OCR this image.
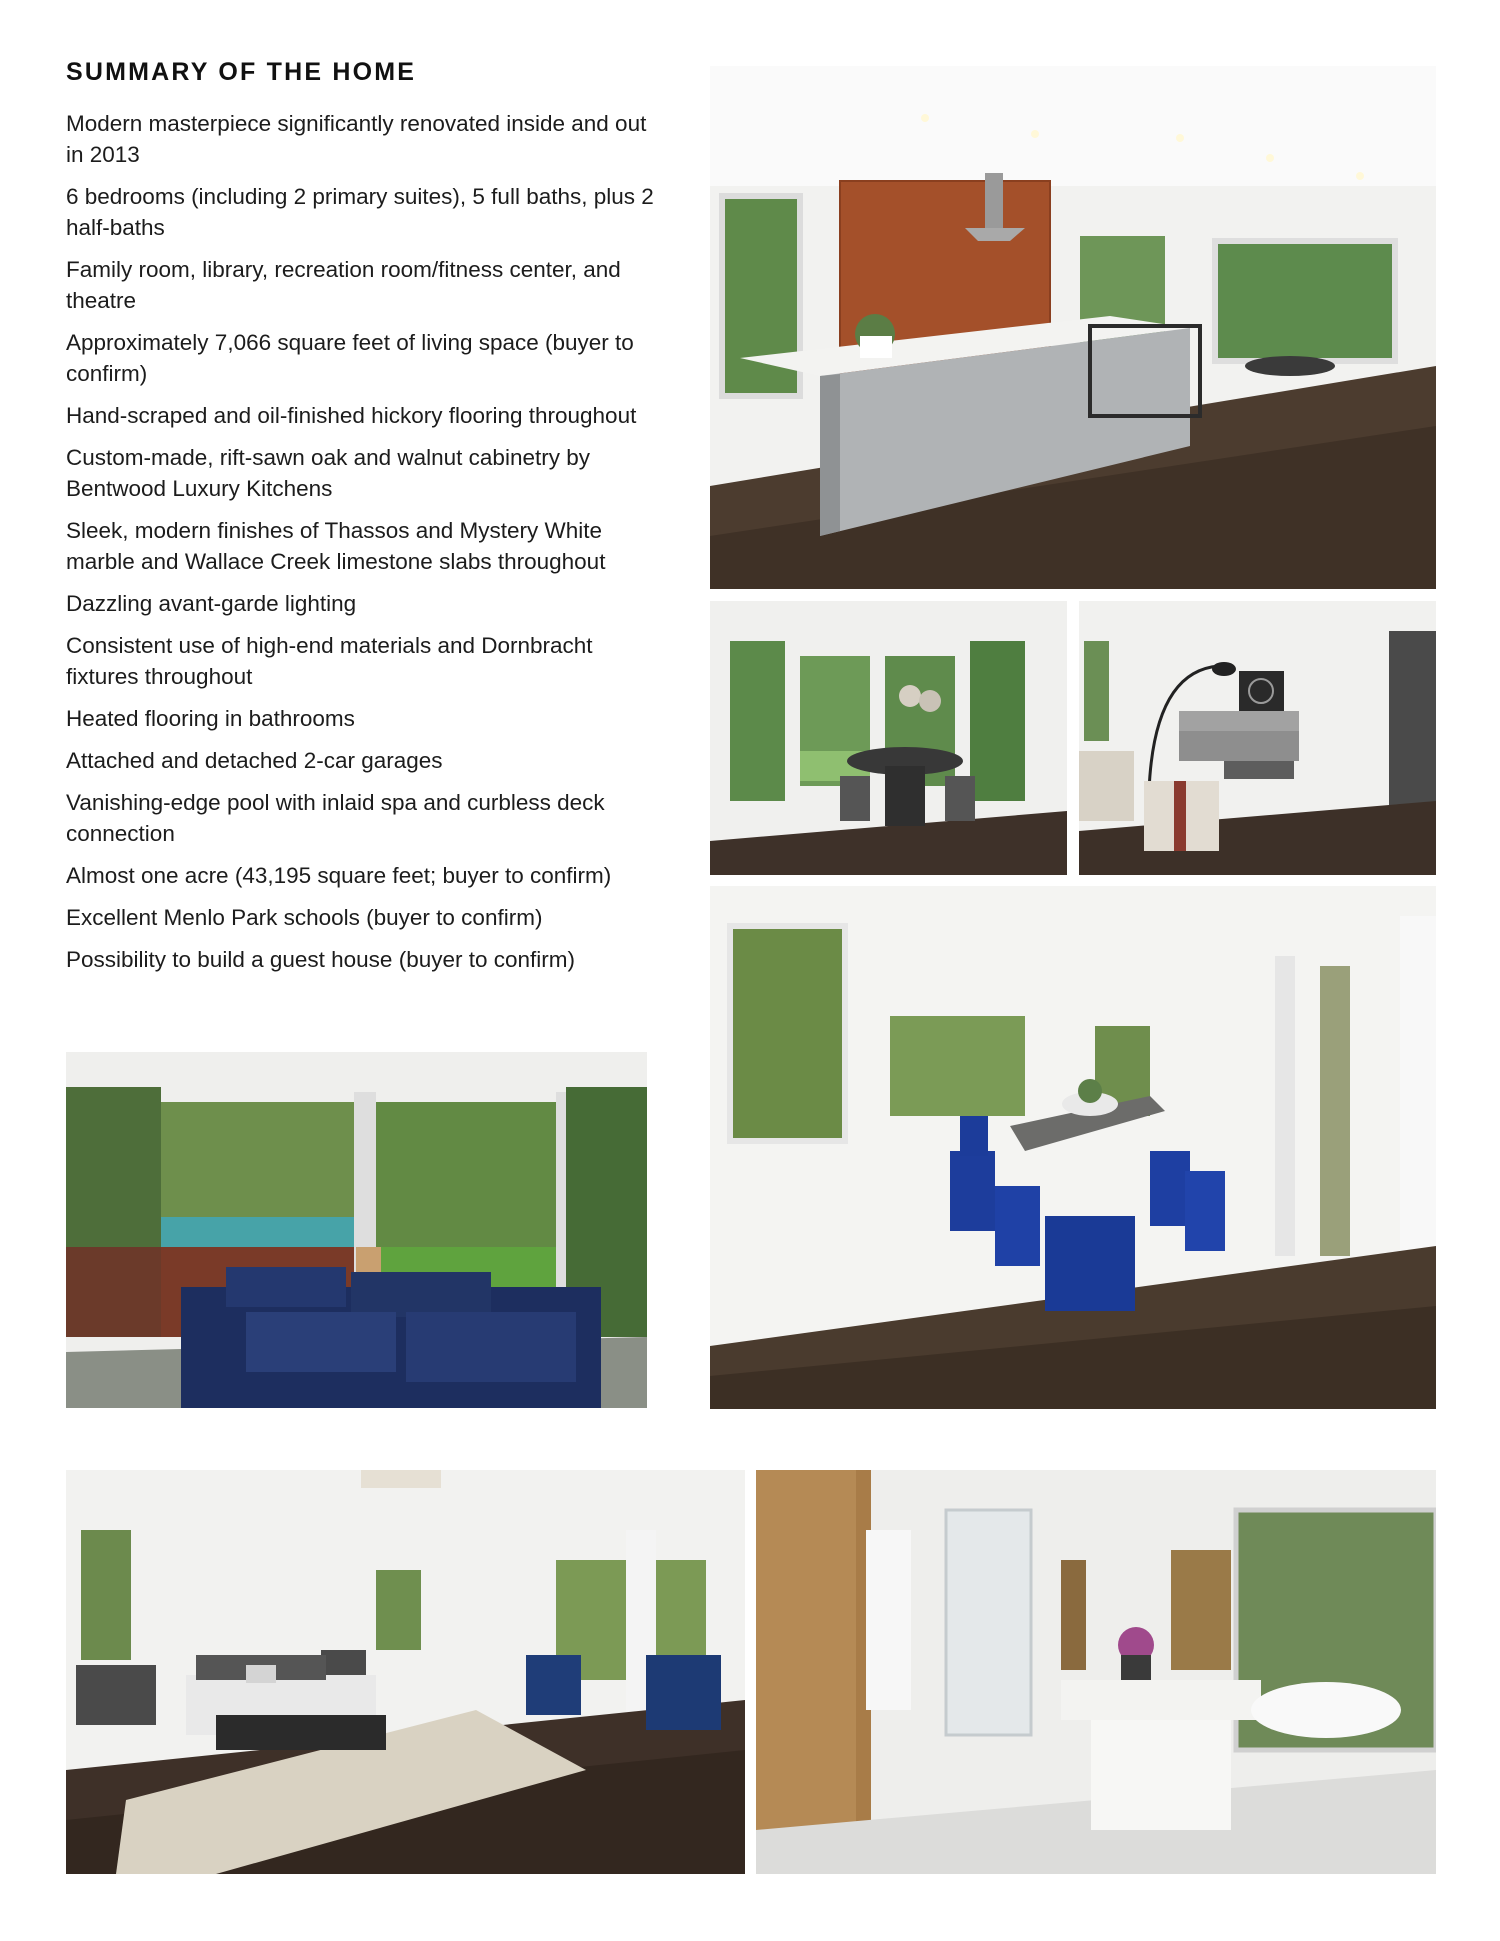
SUMMARY OF THE HOME
Modern masterpiece significantly renovated inside and out in 2013
6 bedrooms (including 2 primary suites), 5 full baths, plus 2 half-baths
Family room, library, recreation room/fitness center, and theatre
Approximately 7,066 square feet of living space (buyer to confirm)
Hand-scraped and oil-finished hickory flooring throughout
Custom-made, rift-sawn oak and walnut cabinetry by Bentwood Luxury Kitchens
Sleek, modern finishes of Thassos and Mystery White marble and Wallace Creek limestone slabs throughout
Dazzling avant-garde lighting
Consistent use of high-end materials and Dornbracht fixtures throughout
Heated flooring in bathrooms
Attached and detached 2-car garages
Vanishing-edge pool with inlaid spa and curbless deck connection
Almost one acre (43,195 square feet; buyer to confirm)
Excellent Menlo Park schools (buyer to confirm)
Possibility to build a guest house (buyer to confirm)
